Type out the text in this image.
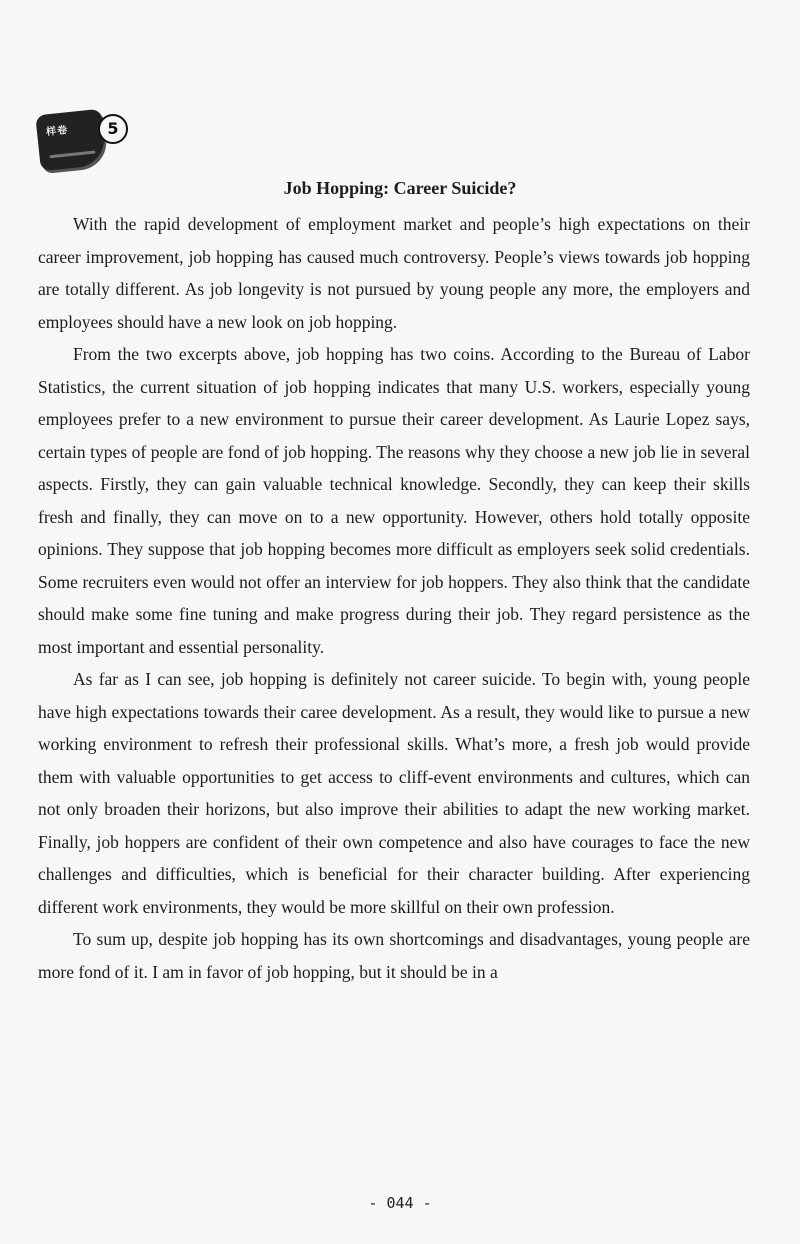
样卷	5
Job Hopping: Career Suicide?

With the rapid development of employment market and people’s high expectations on their career improvement, job hopping has caused much controversy. People’s views towards job hopping are totally different. As job longevity is not pursued by young people any more, the employers and employees should have a new look on job hopping.

From the two excerpts above, job hopping has two coins. According to the Bureau of Labor Statistics, the current situation of job hopping indicates that many U.S. workers, especially young employees prefer to a new environment to pursue their career development. As Laurie Lopez says, certain types of people are fond of job hopping. The reasons why they choose a new job lie in several aspects. Firstly, they can gain valuable technical knowledge. Secondly, they can keep their skills fresh and finally, they can move on to a new opportunity. However, others hold totally opposite opinions. They suppose that job hopping becomes more difficult as employers seek solid credentials. Some recruiters even would not offer an interview for job hoppers. They also think that the candidate should make some fine tuning and make progress during their job. They regard persistence as the most important and essential personality.

As far as I can see, job hopping is definitely not career suicide. To begin with, young people have high expectations towards their caree development. As a result, they would like to pursue a new working environment to refresh their professional skills. What’s more, a fresh job would provide them with valuable opportunities to get access to cliff-event environments and cultures, which can not only broaden their horizons, but also improve their abilities to adapt the new working market. Finally, job hoppers are confident of their own competence and also have courages to face the new challenges and difficulties, which is beneficial for their character building. After experiencing different work environments, they would be more skillful on their own profession.

To sum up, despite job hopping has its own shortcomings and disadvantages, young people are more fond of it. I am in favor of job hopping, but it should be in a

- 044 -
